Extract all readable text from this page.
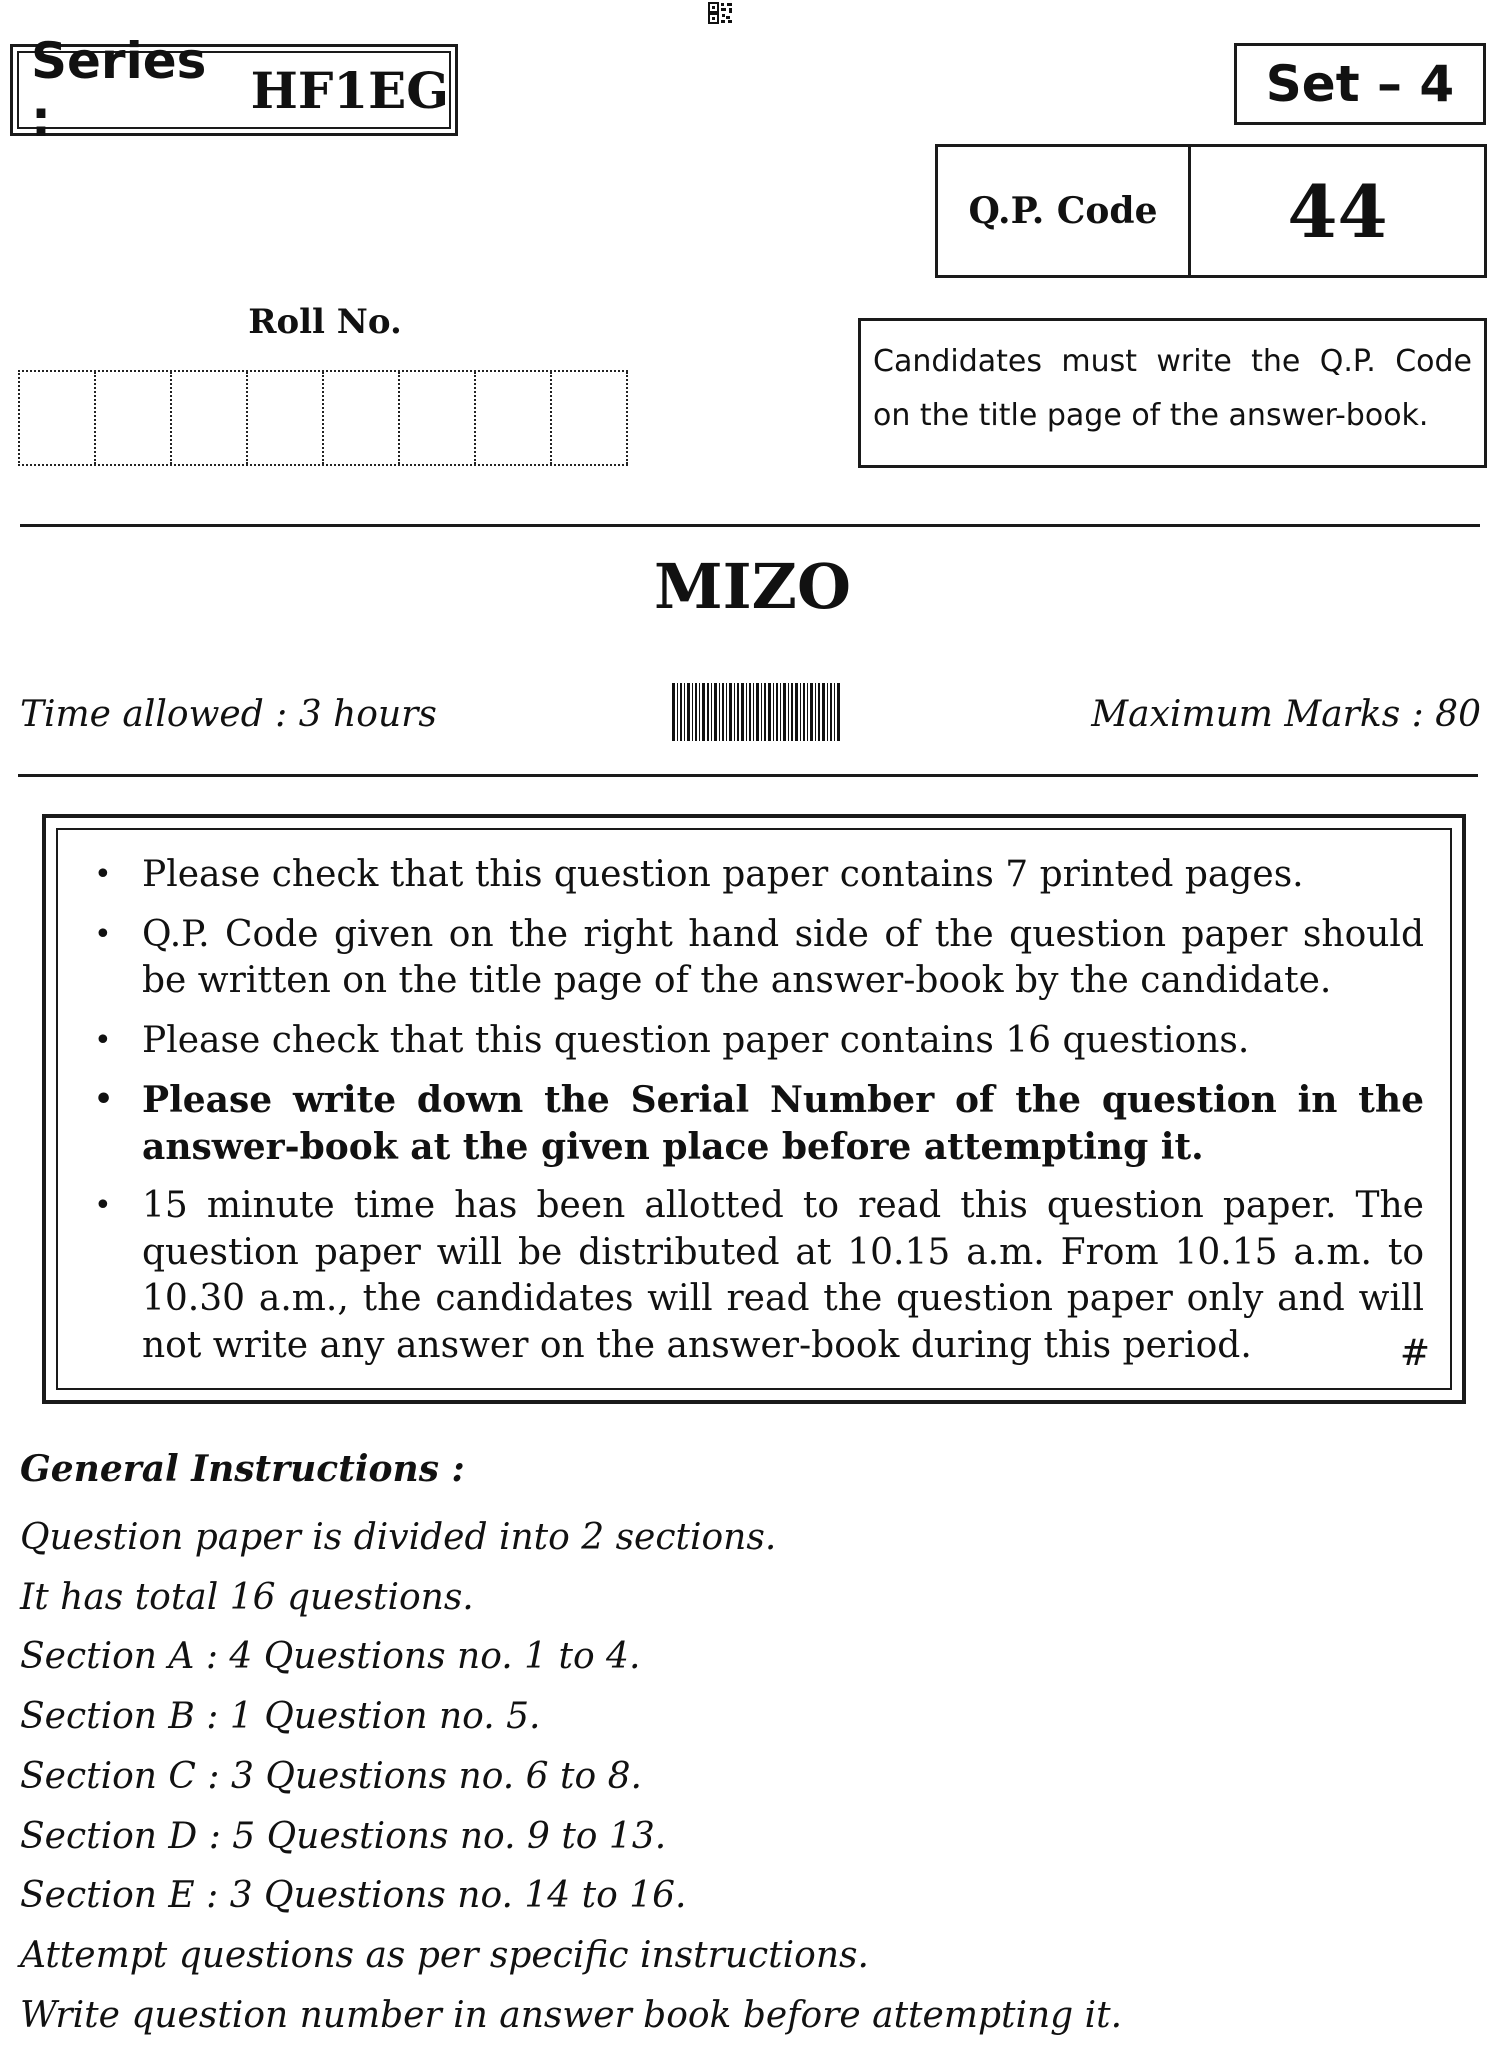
Series :	HF1EG	Set – 4
Q.P. Code	44
Roll No.
Candidates must write the Q.P. Code
on the title page of the answer-book.
MIZO
Time allowed : 3 hours	Maximum Marks : 80
• Please check that this question paper contains 7 printed pages.
• Q.P. Code given on the right hand side of the question paper should be written on the title page of the answer-book by the candidate.
• Please check that this question paper contains 16 questions.
• Please write down the Serial Number of the question in the answer-book at the given place before attempting it.
• 15 minute time has been allotted to read this question paper. The question paper will be distributed at 10.15 a.m. From 10.15 a.m. to 10.30 a.m., the candidates will read the question paper only and will not write any answer on the answer-book during this period.	#
General Instructions :
Question paper is divided into 2 sections.
It has total 16 questions.
Section A : 4 Questions no. 1 to 4.
Section B : 1 Question no. 5.
Section C : 3 Questions no. 6 to 8.
Section D : 5 Questions no. 9 to 13.
Section E : 3 Questions no. 14 to 16.
Attempt questions as per specific instructions.
Write question number in answer book before attempting it.
